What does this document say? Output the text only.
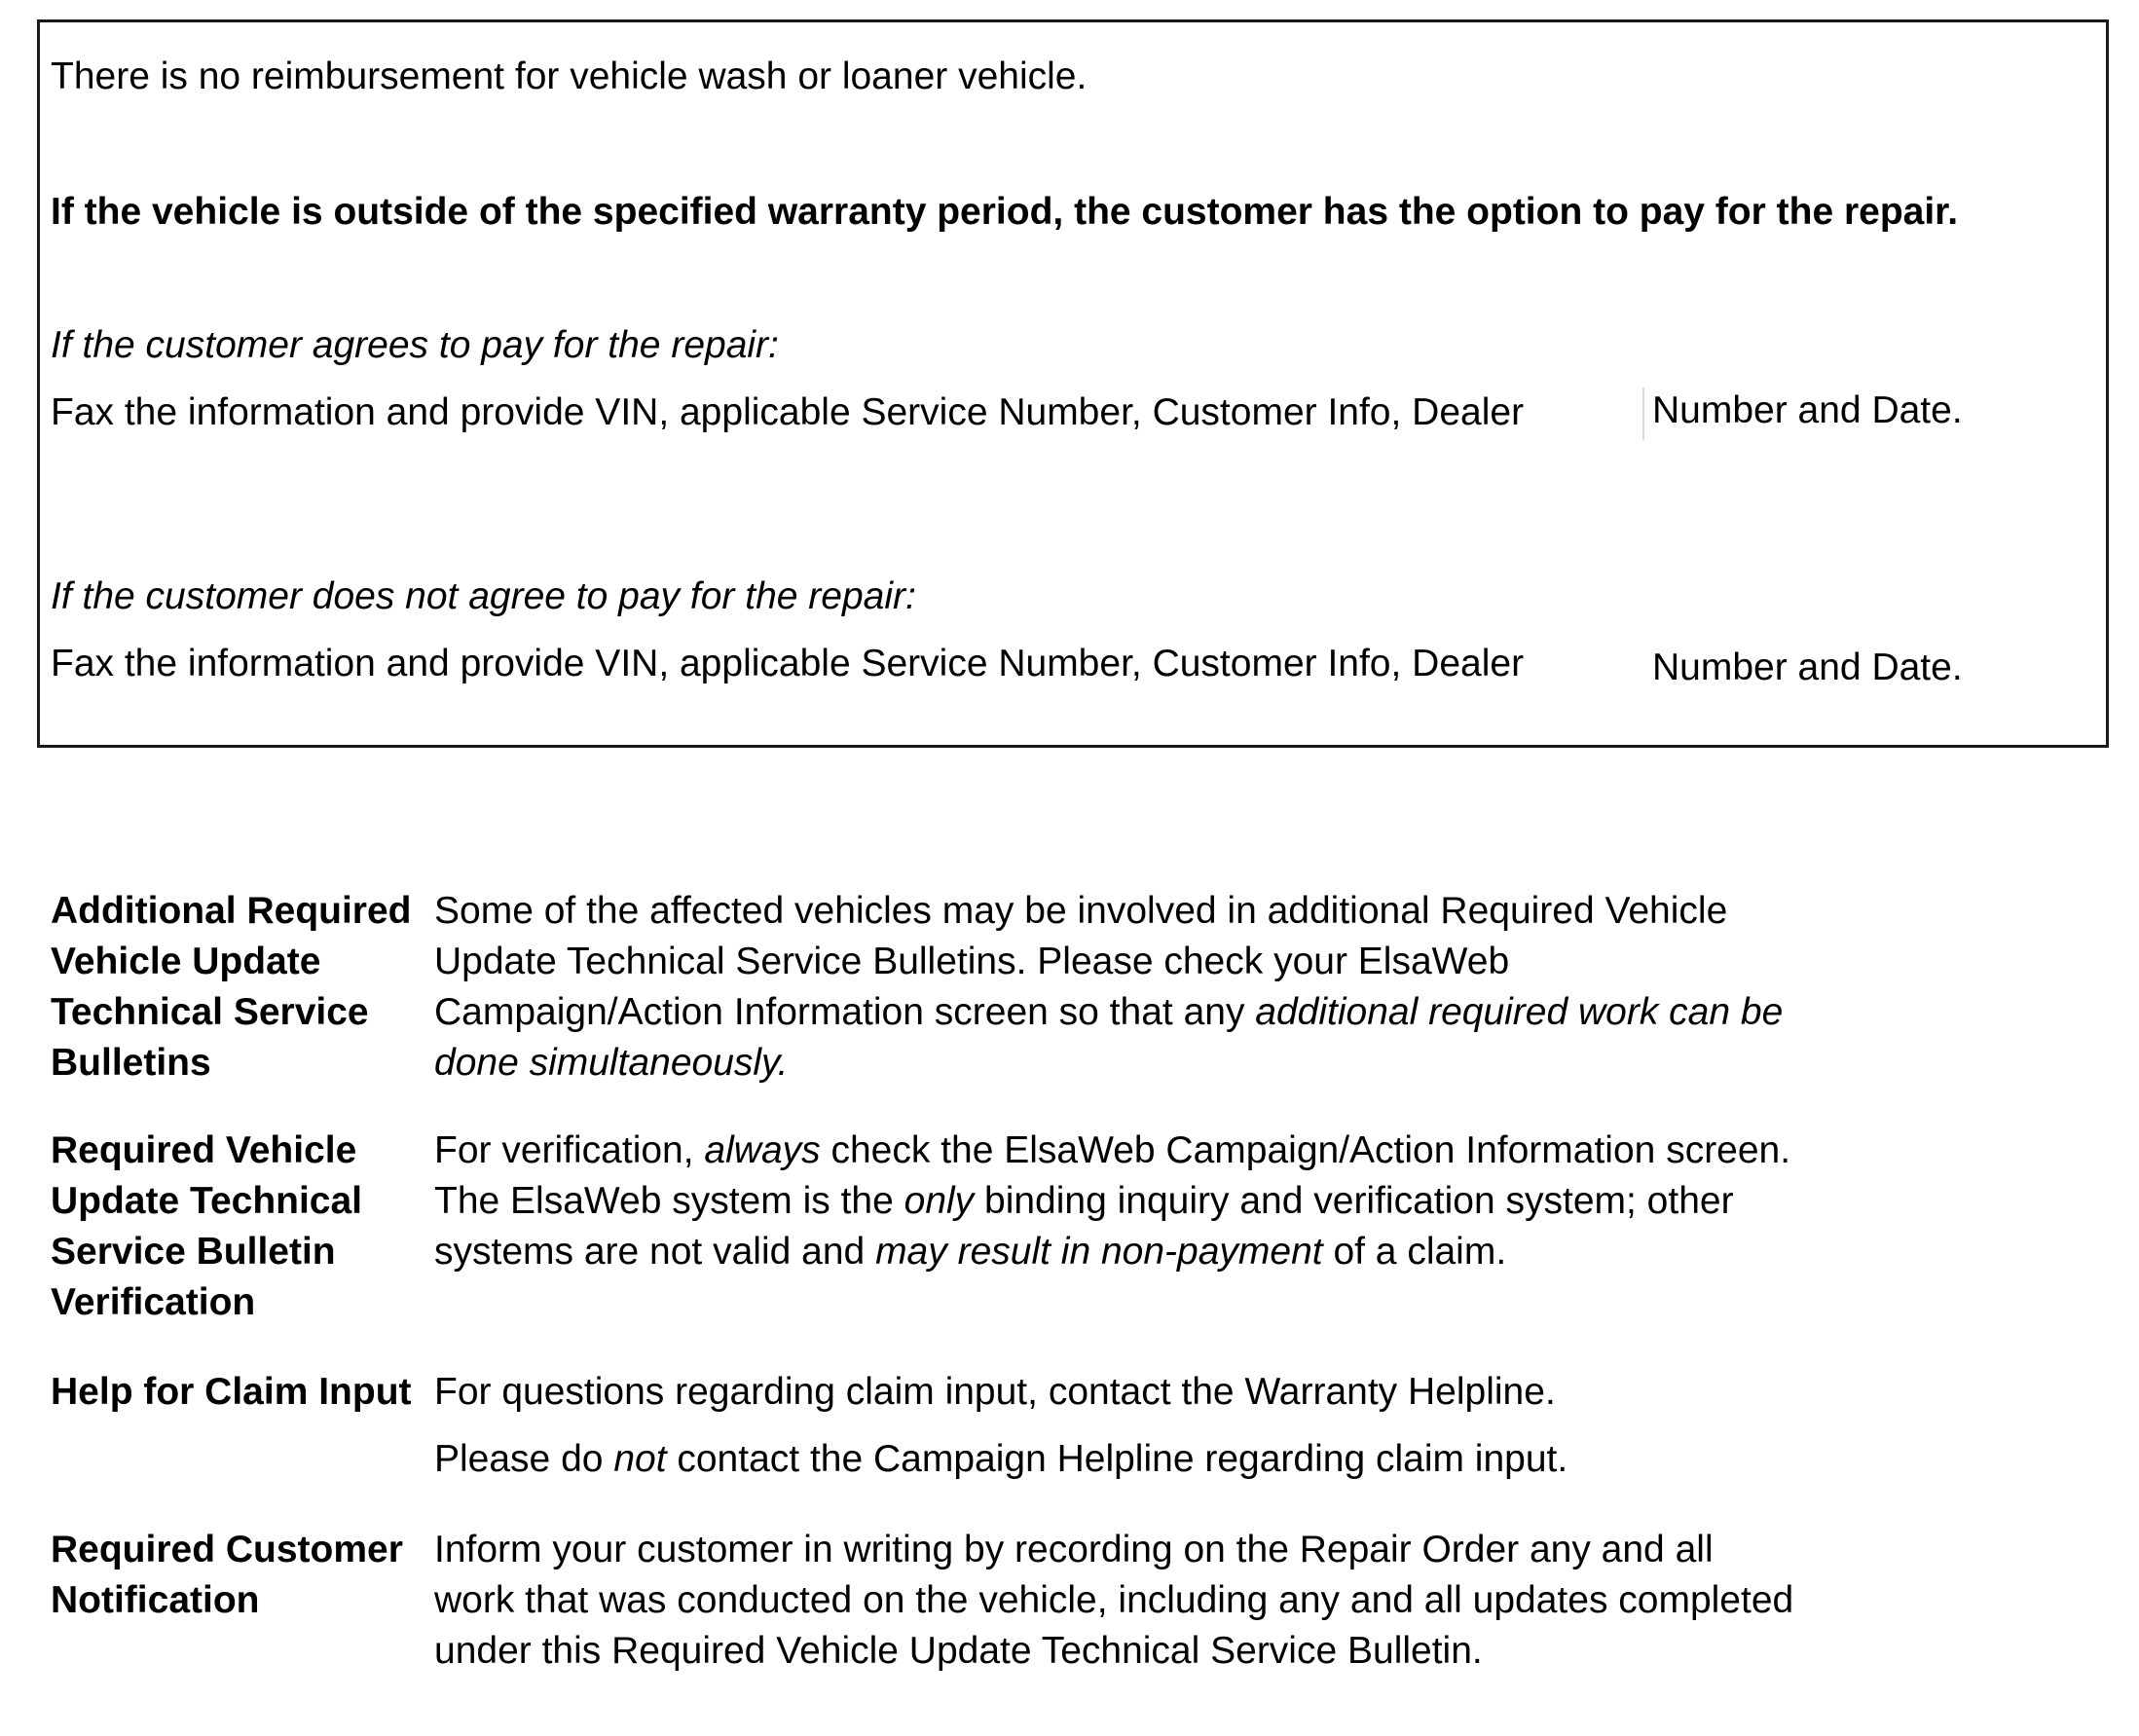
There is no reimbursement for vehicle wash or loaner vehicle.

If the vehicle is outside of the specified warranty period, the customer has the option to pay for the repair.

If the customer agrees to pay for the repair:

Fax the information and provide VIN, applicable Service Number, Customer Info, Dealer	Number and Date.

If the customer does not agree to pay for the repair:

Fax the information and provide VIN, applicable Service Number, Customer Info, Dealer	Number and Date.

Additional Required Vehicle Update Technical Service Bulletins

Some of the affected vehicles may be involved in additional Required Vehicle Update Technical Service Bulletins. Please check your ElsaWeb Campaign/Action Information screen so that any additional required work can be done simultaneously.

Required Vehicle Update Technical Service Bulletin Verification

For verification, always check the ElsaWeb Campaign/Action Information screen. The ElsaWeb system is the only binding inquiry and verification system; other systems are not valid and may result in non-payment of a claim.

Help for Claim Input For questions regarding claim input, contact the Warranty Helpline.

Please do not contact the Campaign Helpline regarding claim input.

Required Customer Notification

Inform your customer in writing by recording on the Repair Order any and all work that was conducted on the vehicle, including any and all updates completed under this Required Vehicle Update Technical Service Bulletin.
